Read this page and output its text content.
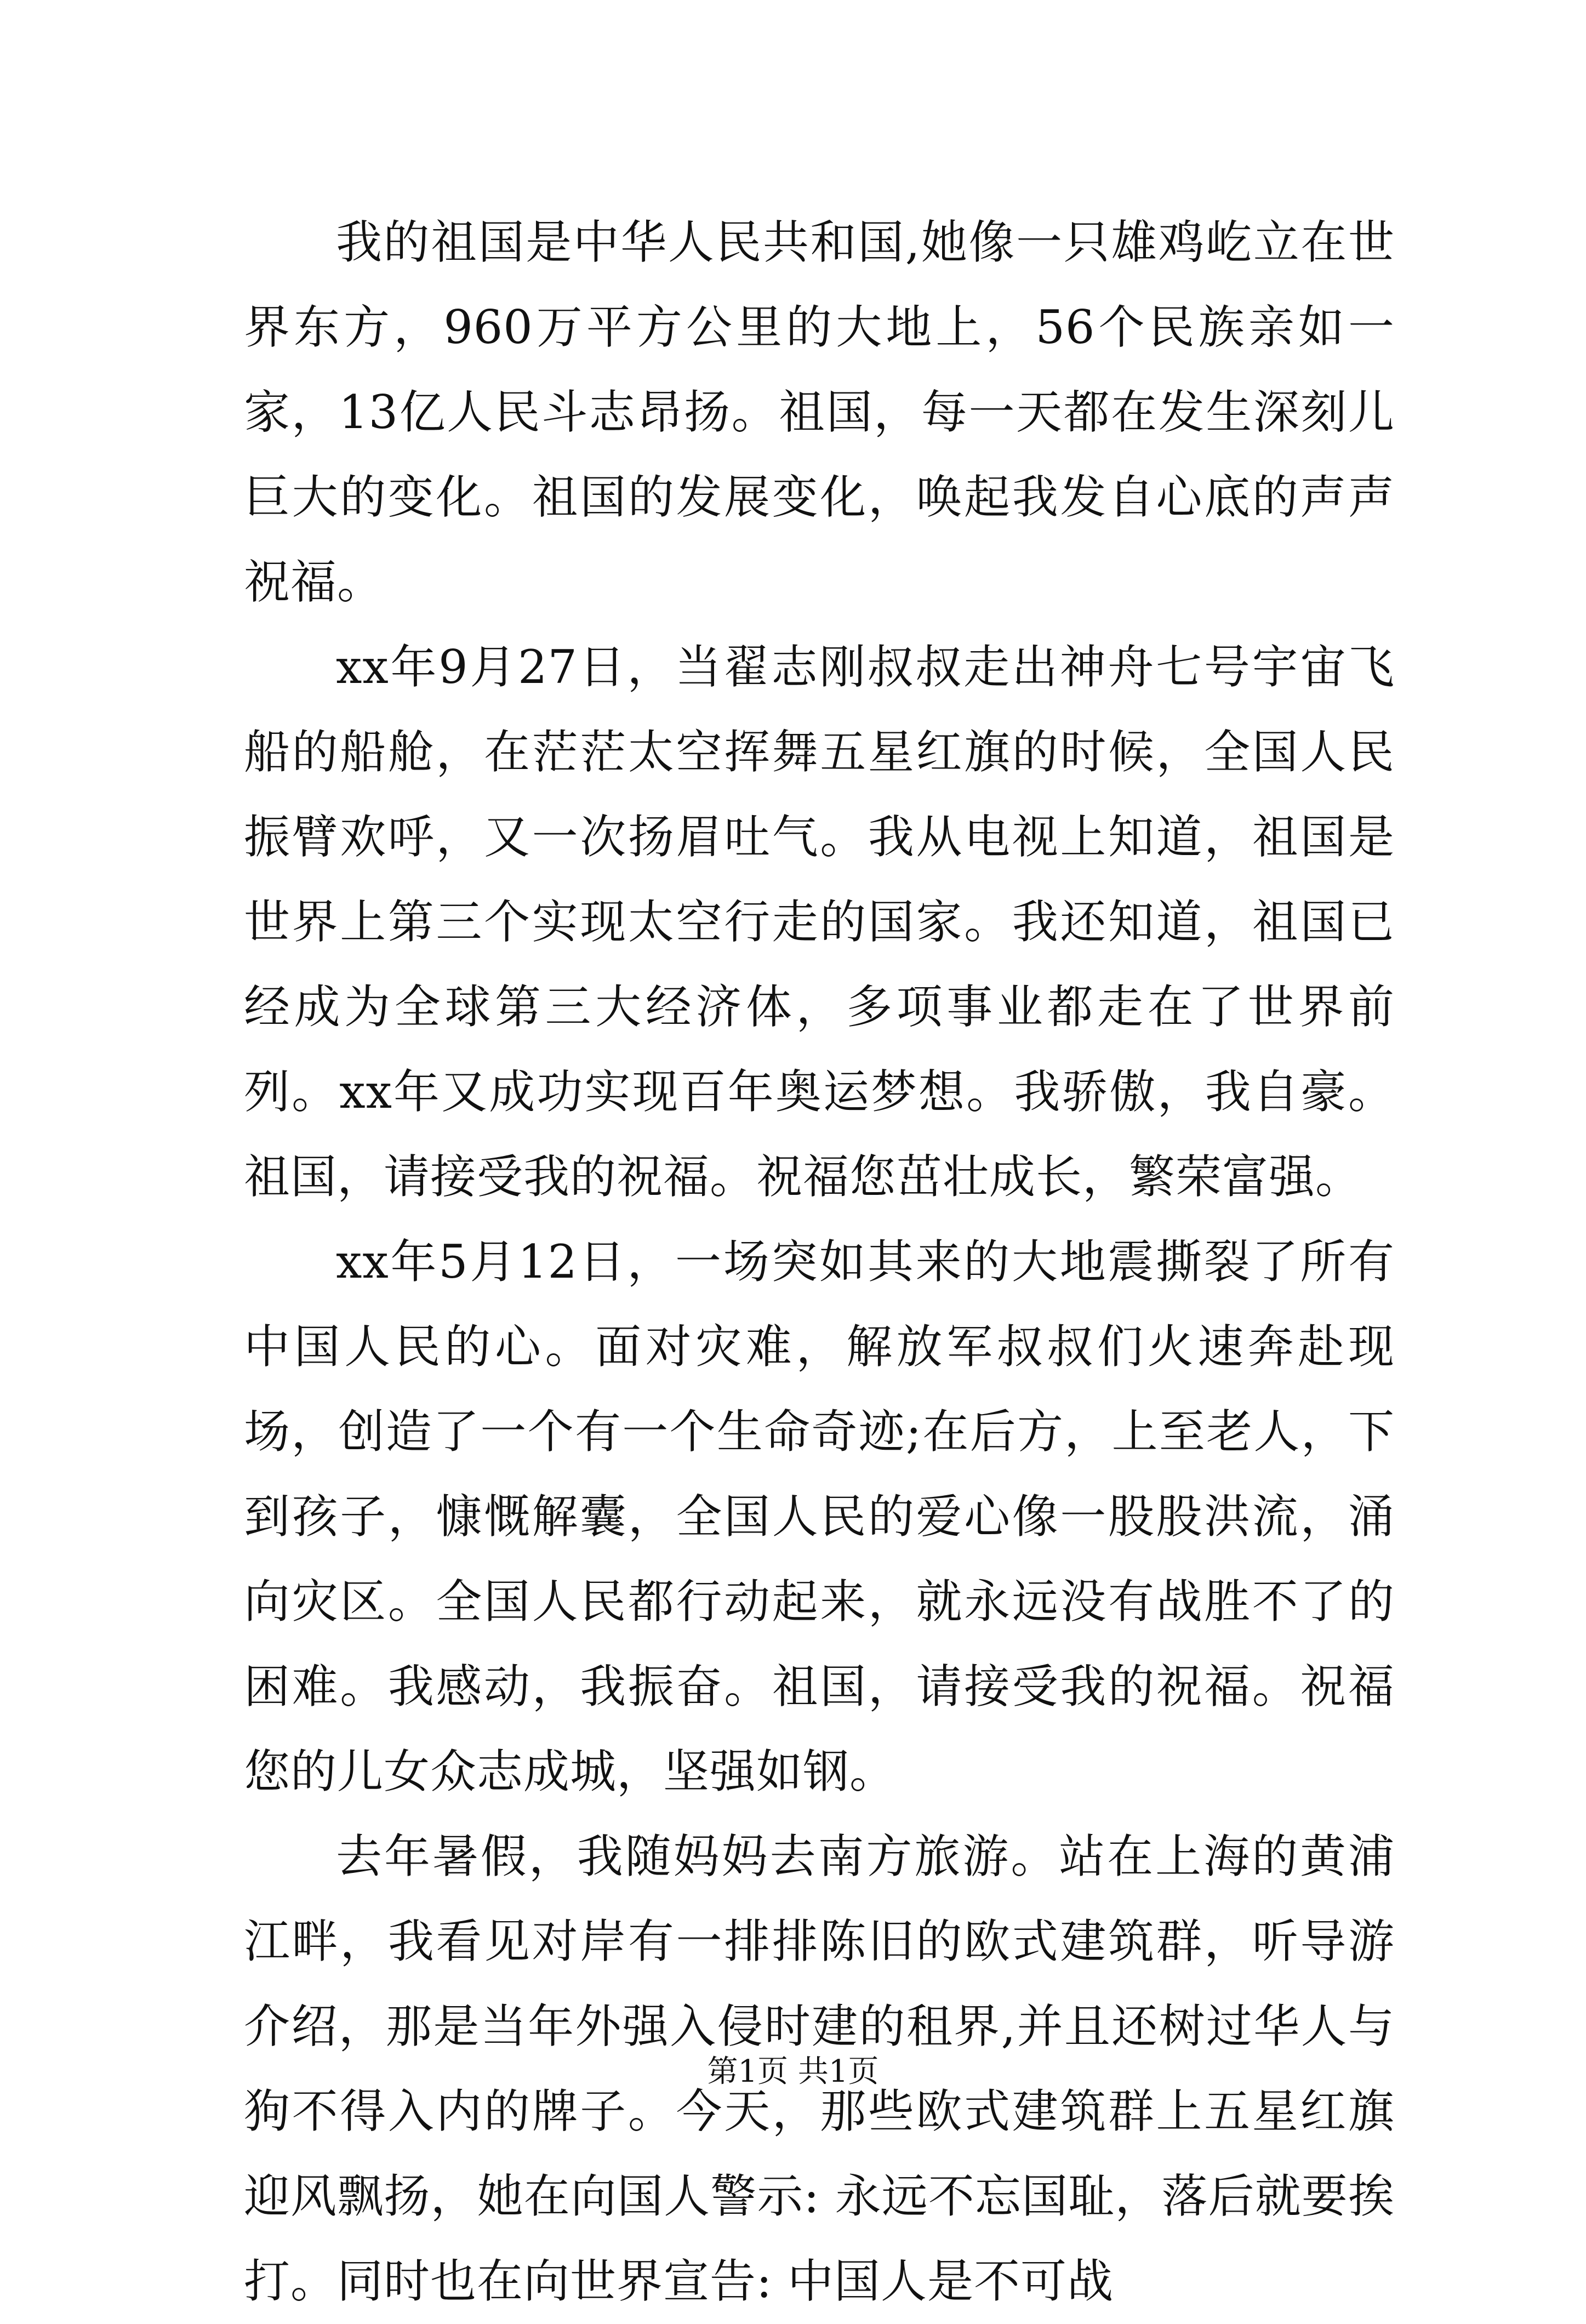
我的祖国是中华人民共和国,她像一只雄鸡屹立在世界东方，960万平方公里的大地上，56个民族亲如一家，13亿人民斗志昂扬。祖国，每一天都在发生深刻儿巨大的变化。祖国的发展变化，唤起我发自心底的声声祝福。

xx年9月27日，当翟志刚叔叔走出神舟七号宇宙飞船的船舱，在茫茫太空挥舞五星红旗的时候，全国人民振臂欢呼，又一次扬眉吐气。我从电视上知道，祖国是世界上第三个实现太空行走的国家。我还知道，祖国已经成为全球第三大经济体，多项事业都走在了世界前列。xx年又成功实现百年奥运梦想。我骄傲，我自豪。祖国，请接受我的祝福。祝福您茁壮成长，繁荣富强。

xx年5月12日，一场突如其来的大地震撕裂了所有中国人民的心。面对灾难，解放军叔叔们火速奔赴现场，创造了一个有一个生命奇迹;在后方，上至老人，下到孩子，慷慨解囊，全国人民的爱心像一股股洪流，涌向灾区。全国人民都行动起来，就永远没有战胜不了的困难。我感动，我振奋。祖国，请接受我的祝福。祝福您的儿女众志成城，坚强如钢。

去年暑假，我随妈妈去南方旅游。站在上海的黄浦江畔，我看见对岸有一排排陈旧的欧式建筑群，听导游介绍，那是当年外强入侵时建的租界,并且还树过华人与狗不得入内的牌子。今天，那些欧式建筑群上五星红旗迎风飘扬，她在向国人警示: 永远不忘国耻，落后就要挨打。同时也在向世界宣告: 中国人是不可战

第1页 共1页
